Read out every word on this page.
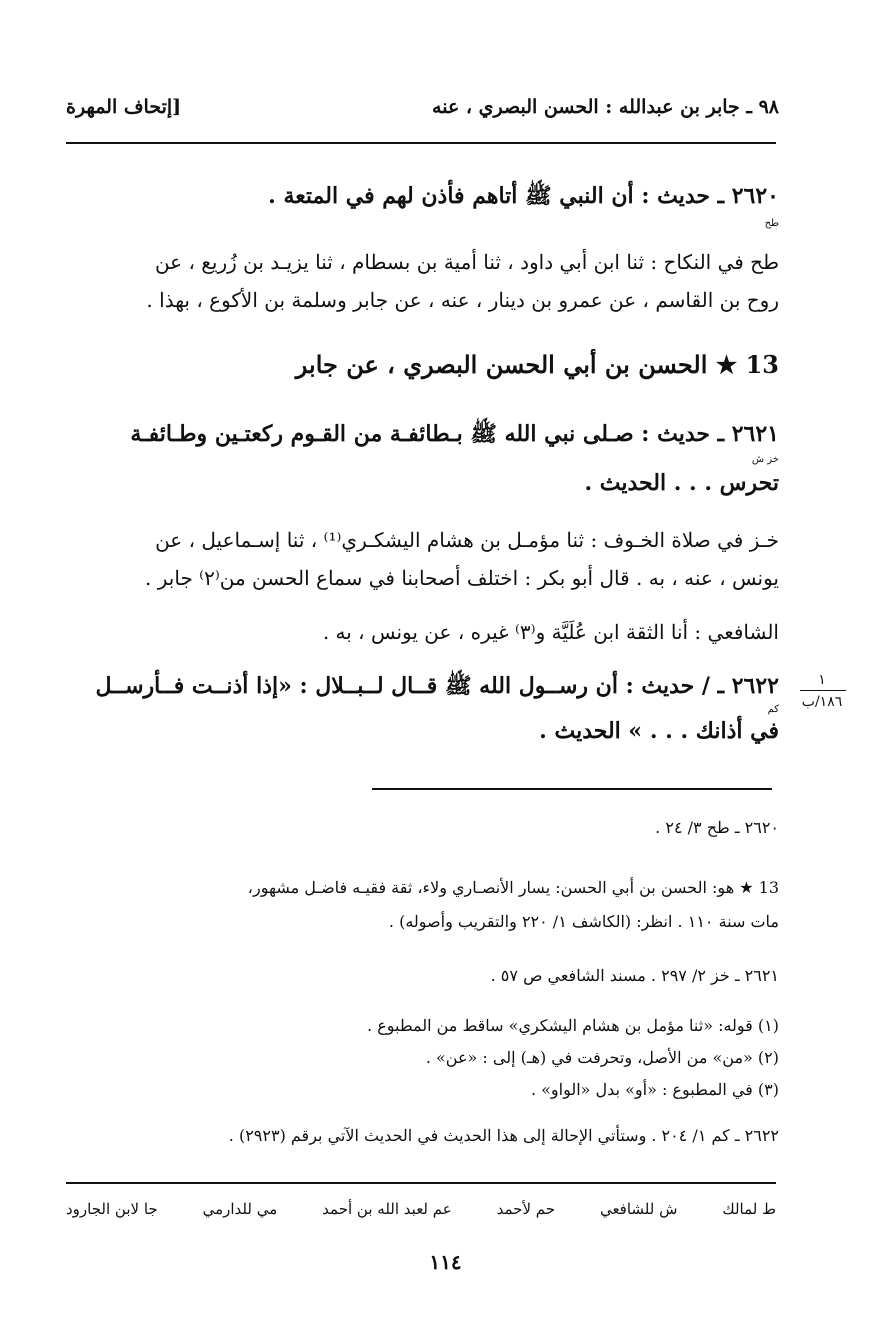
٩٨ ـ جابر بن عبدالله : الحسن البصري ، عنه
[إتحاف المهرة
٢٦٢٠ ـ حديث : أن النبي ﷺ أتاهم فأذن لهم في المتعة .
طح
طح في النكاح : ثنا ابن أبي داود ، ثنا أمية بن بسطام ، ثنا يزيـد بن زُريع ، عن
روح بن القاسم ، عن عمرو بن دينار ، عنه ، عن جابر وسلمة بن الأكوع ، بهذا .
13 ★ الحسن بن أبي الحسن البصري ، عن جابر
٢٦٢١ ـ حديث : صـلى نبي الله ﷺ بـطائفـة من القـوم ركعتـين وطـائفـة
خز ش
تحرس . . . الحديث .
خـز في صلاة الخـوف : ثنا مؤمـل بن هشام اليشكـري⁽¹⁾ ، ثنا إسـماعيل ، عن
يونس ، عنه ، به . قال أبو بكر : اختلف أصحابنا في سماع الحسن من⁽٢⁾ جابر .
الشافعي : أنا الثقة ابن عُلَيَّة و⁽٣⁾ غيره ، عن يونس ، به .
٢٦٢٢ ـ / حديث : أن رســول الله ﷺ قــال لــبــلال : «إذا أذنــت فــأرســل
كم
في أذانك . . . » الحديث .
١
١٨٦/ب
٢٦٢٠ ـ طح ٣/ ٢٤ .
13 ★ هو: الحسن بن أبي الحسن: يسار الأنصـاري ولاء، ثقة فقيـه فاضـل مشهور،
مات سنة ١١٠ . انظر: (الكاشف ١/ ٢٢٠ والتقريب وأصوله) .
٢٦٢١ ـ خز ٢/ ٢٩٧ . مسند الشافعي ص ٥٧ .
(١) قوله: «ثنا مؤمل بن هشام اليشكري» ساقط من المطبوع .
(٢) «من» من الأصل، وتحرفت في (هـ) إلى : «عن» .
(٣) في المطبوع : «أو» بدل «الواو» .
٢٦٢٢ ـ كم ١/ ٢٠٤ . وستأتي الإحالة إلى هذا الحديث في الحديث الآتي برقم (٢٩٢٣) .
ط لمالك
ش للشافعي
حم لأحمد
عم لعبد الله بن أحمد
مي للدارمي
جا لابن الجارود
١١٤
